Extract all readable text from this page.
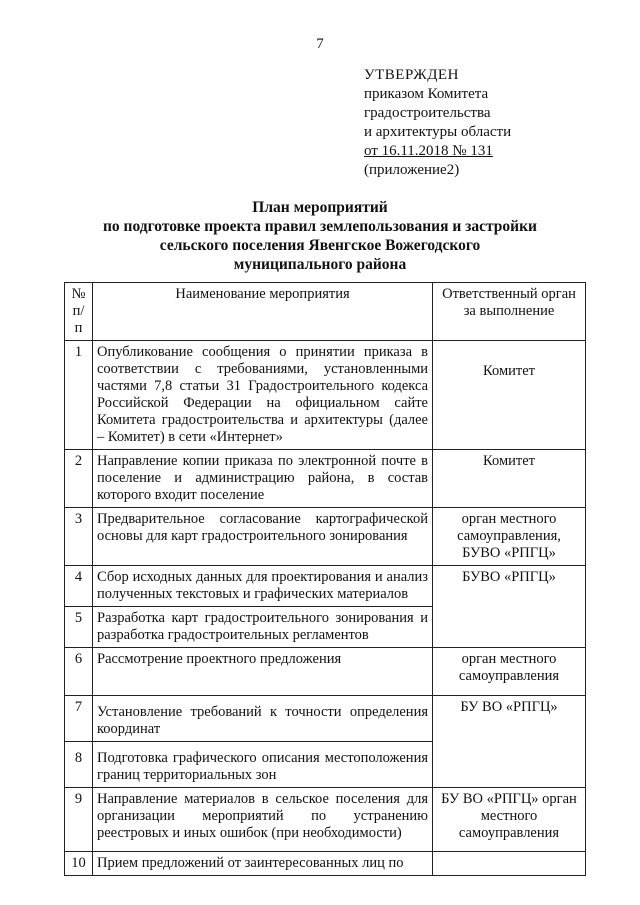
7
УТВЕРЖДЕН
приказом Комитета
градостроительства
и архитектуры области
от 16.11.2018 № 131
(приложение2)
План мероприятий
по подготовке проекта правил землепользования и застройки
сельского поселения Явенгское Вожегодского
муниципального района
№ п/п	Наименование мероприятия	Ответственный орган за выполнение
1	Опубликование сообщения о принятии приказа в соответствии с требованиями, установленными частями 7,8 статьи 31 Градостроительного кодекса Российской Федерации на официальном сайте Комитета градостроительства и архитектуры (далее – Комитет) в сети «Интернет»	Комитет
2	Направление копии приказа по электронной почте в поселение и администрацию района, в состав которого входит поселение	Комитет
3	Предварительное согласование картографической основы для карт градостроительного зонирования	орган местного самоуправления, БУВО «РПГЦ»
4	Сбор исходных данных для проектирования и анализ полученных текстовых и графических материалов	БУВО «РПГЦ»
5	Разработка карт градостроительного зонирования и разработка градостроительных регламентов	
6	Рассмотрение проектного предложения	орган местного самоуправления
7	Установление требований к точности определения координат	БУ ВО «РПГЦ»
8	Подготовка графического описания местоположения границ территориальных зон	
9	Направление материалов в сельское поселения для организации мероприятий по устранению реестровых и иных ошибок (при необходимости)	БУ ВО «РПГЦ» орган местного самоуправления
10	Прием предложений от заинтересованных лиц по	
